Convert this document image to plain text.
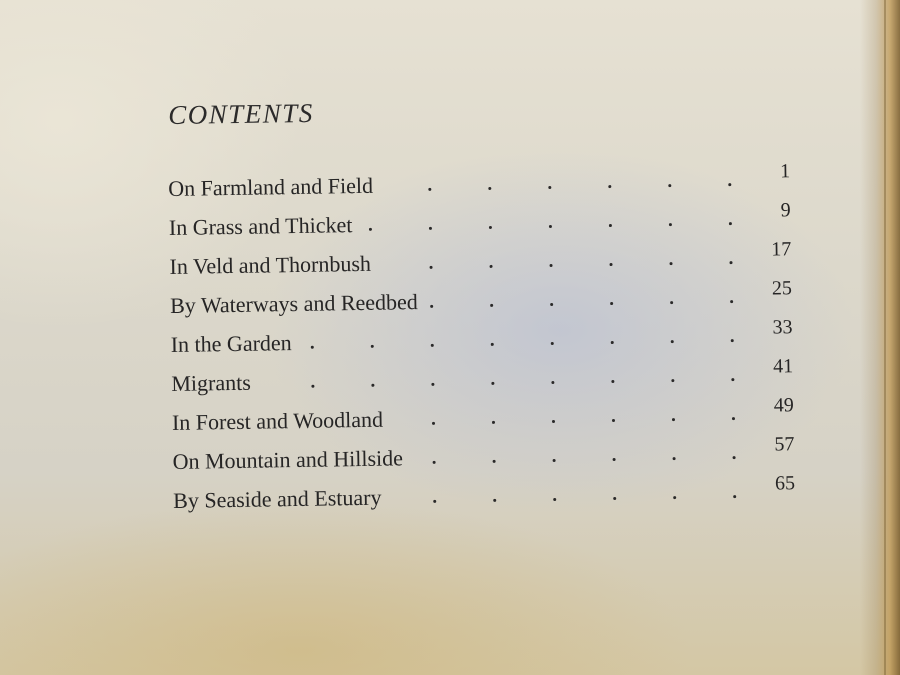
CONTENTS
On Farmland and Field
1
In Grass and Thicket
9
In Veld and Thornbush
17
By Waterways and Reedbed
25
In the Garden
33
Migrants
41
In Forest and Woodland
49
On Mountain and Hillside
57
By Seaside and Estuary
65
